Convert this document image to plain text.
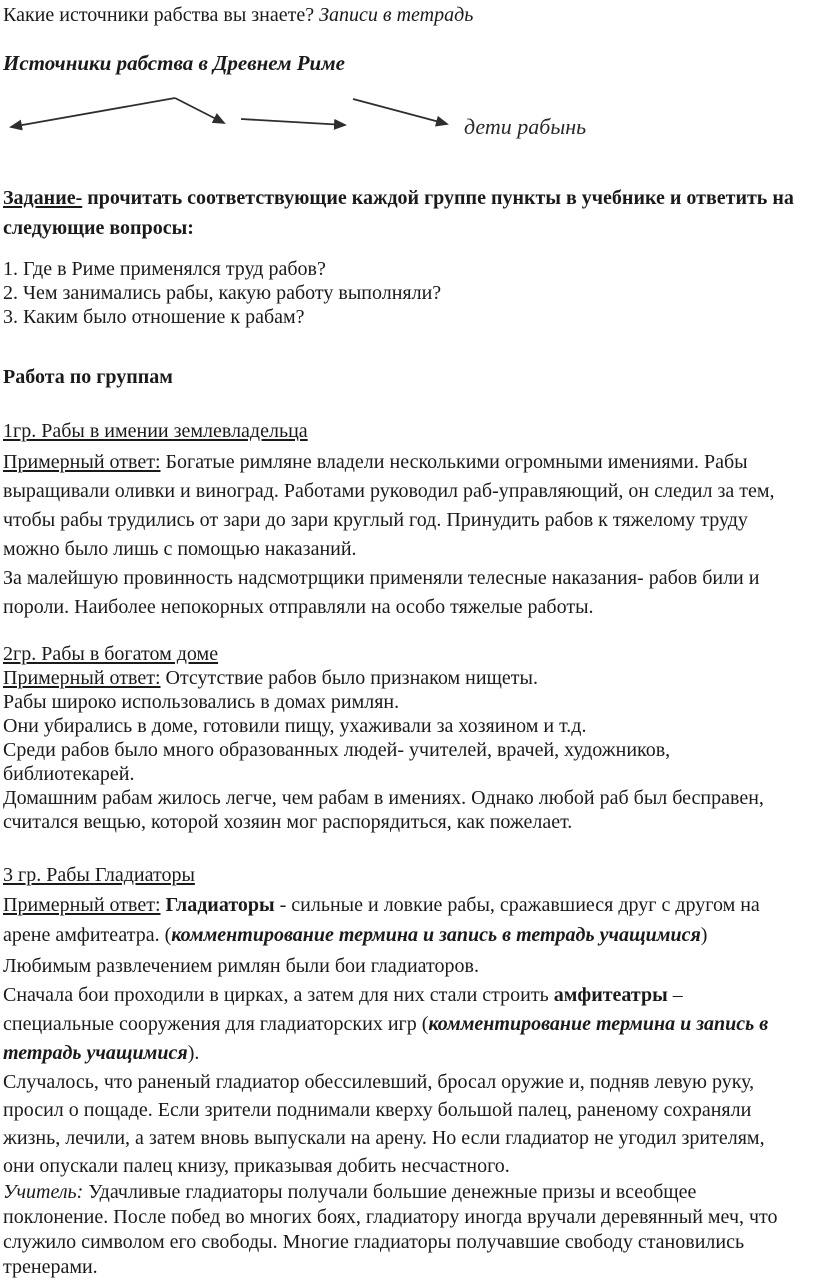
Какие источники рабства вы знаете? Записи в тетрадь

Источники рабства в Древнем Риме

дети рабынь

Задание- прочитать соответствующие каждой группе пункты в учебнике и ответить на следующие вопросы:

1. Где в Риме применялся труд рабов?

2. Чем занимались рабы, какую работу выполняли?

3. Каким было отношение к рабам?

Работа по группам

1гр. Рабы в имении землевладельца

Примерный ответ: Богатые римляне владели несколькими огромными имениями. Рабы выращивали оливки и виноград. Работами руководил раб-управляющий, он следил за тем, чтобы рабы трудились от зари до зари круглый год. Принудить рабов к тяжелому труду можно было лишь с помощью наказаний.

За малейшую провинность надсмотрщики применяли телесные наказания- рабов били и пороли. Наиболее непокорных отправляли на особо тяжелые работы.

2гр. Рабы в богатом доме

Примерный ответ: Отсутствие рабов было признаком нищеты.

Рабы широко использовались в домах римлян.

Они убирались в доме, готовили пищу, ухаживали за хозяином и т.д.

Среди рабов было много образованных людей- учителей, врачей, художников, библиотекарей.

Домашним рабам жилось легче, чем рабам в имениях. Однако любой раб был бесправен, считался вещью, которой хозяин мог распорядиться, как пожелает.

3 гр. Рабы Гладиаторы

Примерный ответ: Гладиаторы - сильные и ловкие рабы, сражавшиеся друг с другом на арене амфитеатра. (комментирование термина и запись в тетрадь учащимися)

Любимым развлечением римлян были бои гладиаторов.

Сначала бои проходили в цирках, а затем для них стали строить амфитеатры – специальные сооружения для гладиаторских игр (комментирование термина и запись в тетрадь учащимися).

Случалось, что раненый гладиатор обессилевший, бросал оружие и, подняв левую руку, просил о пощаде. Если зрители поднимали кверху большой палец, раненому сохраняли жизнь, лечили, а затем вновь выпускали на арену. Но если гладиатор не угодил зрителям, они опускали палец книзу, приказывая добить несчастного.

Учитель: Удачливые гладиаторы получали большие денежные призы и всеобщее поклонение. После побед во многих боях, гладиатору иногда вручали деревянный меч, что служило символом его свободы. Многие гладиаторы получавшие свободу становились тренерами.
